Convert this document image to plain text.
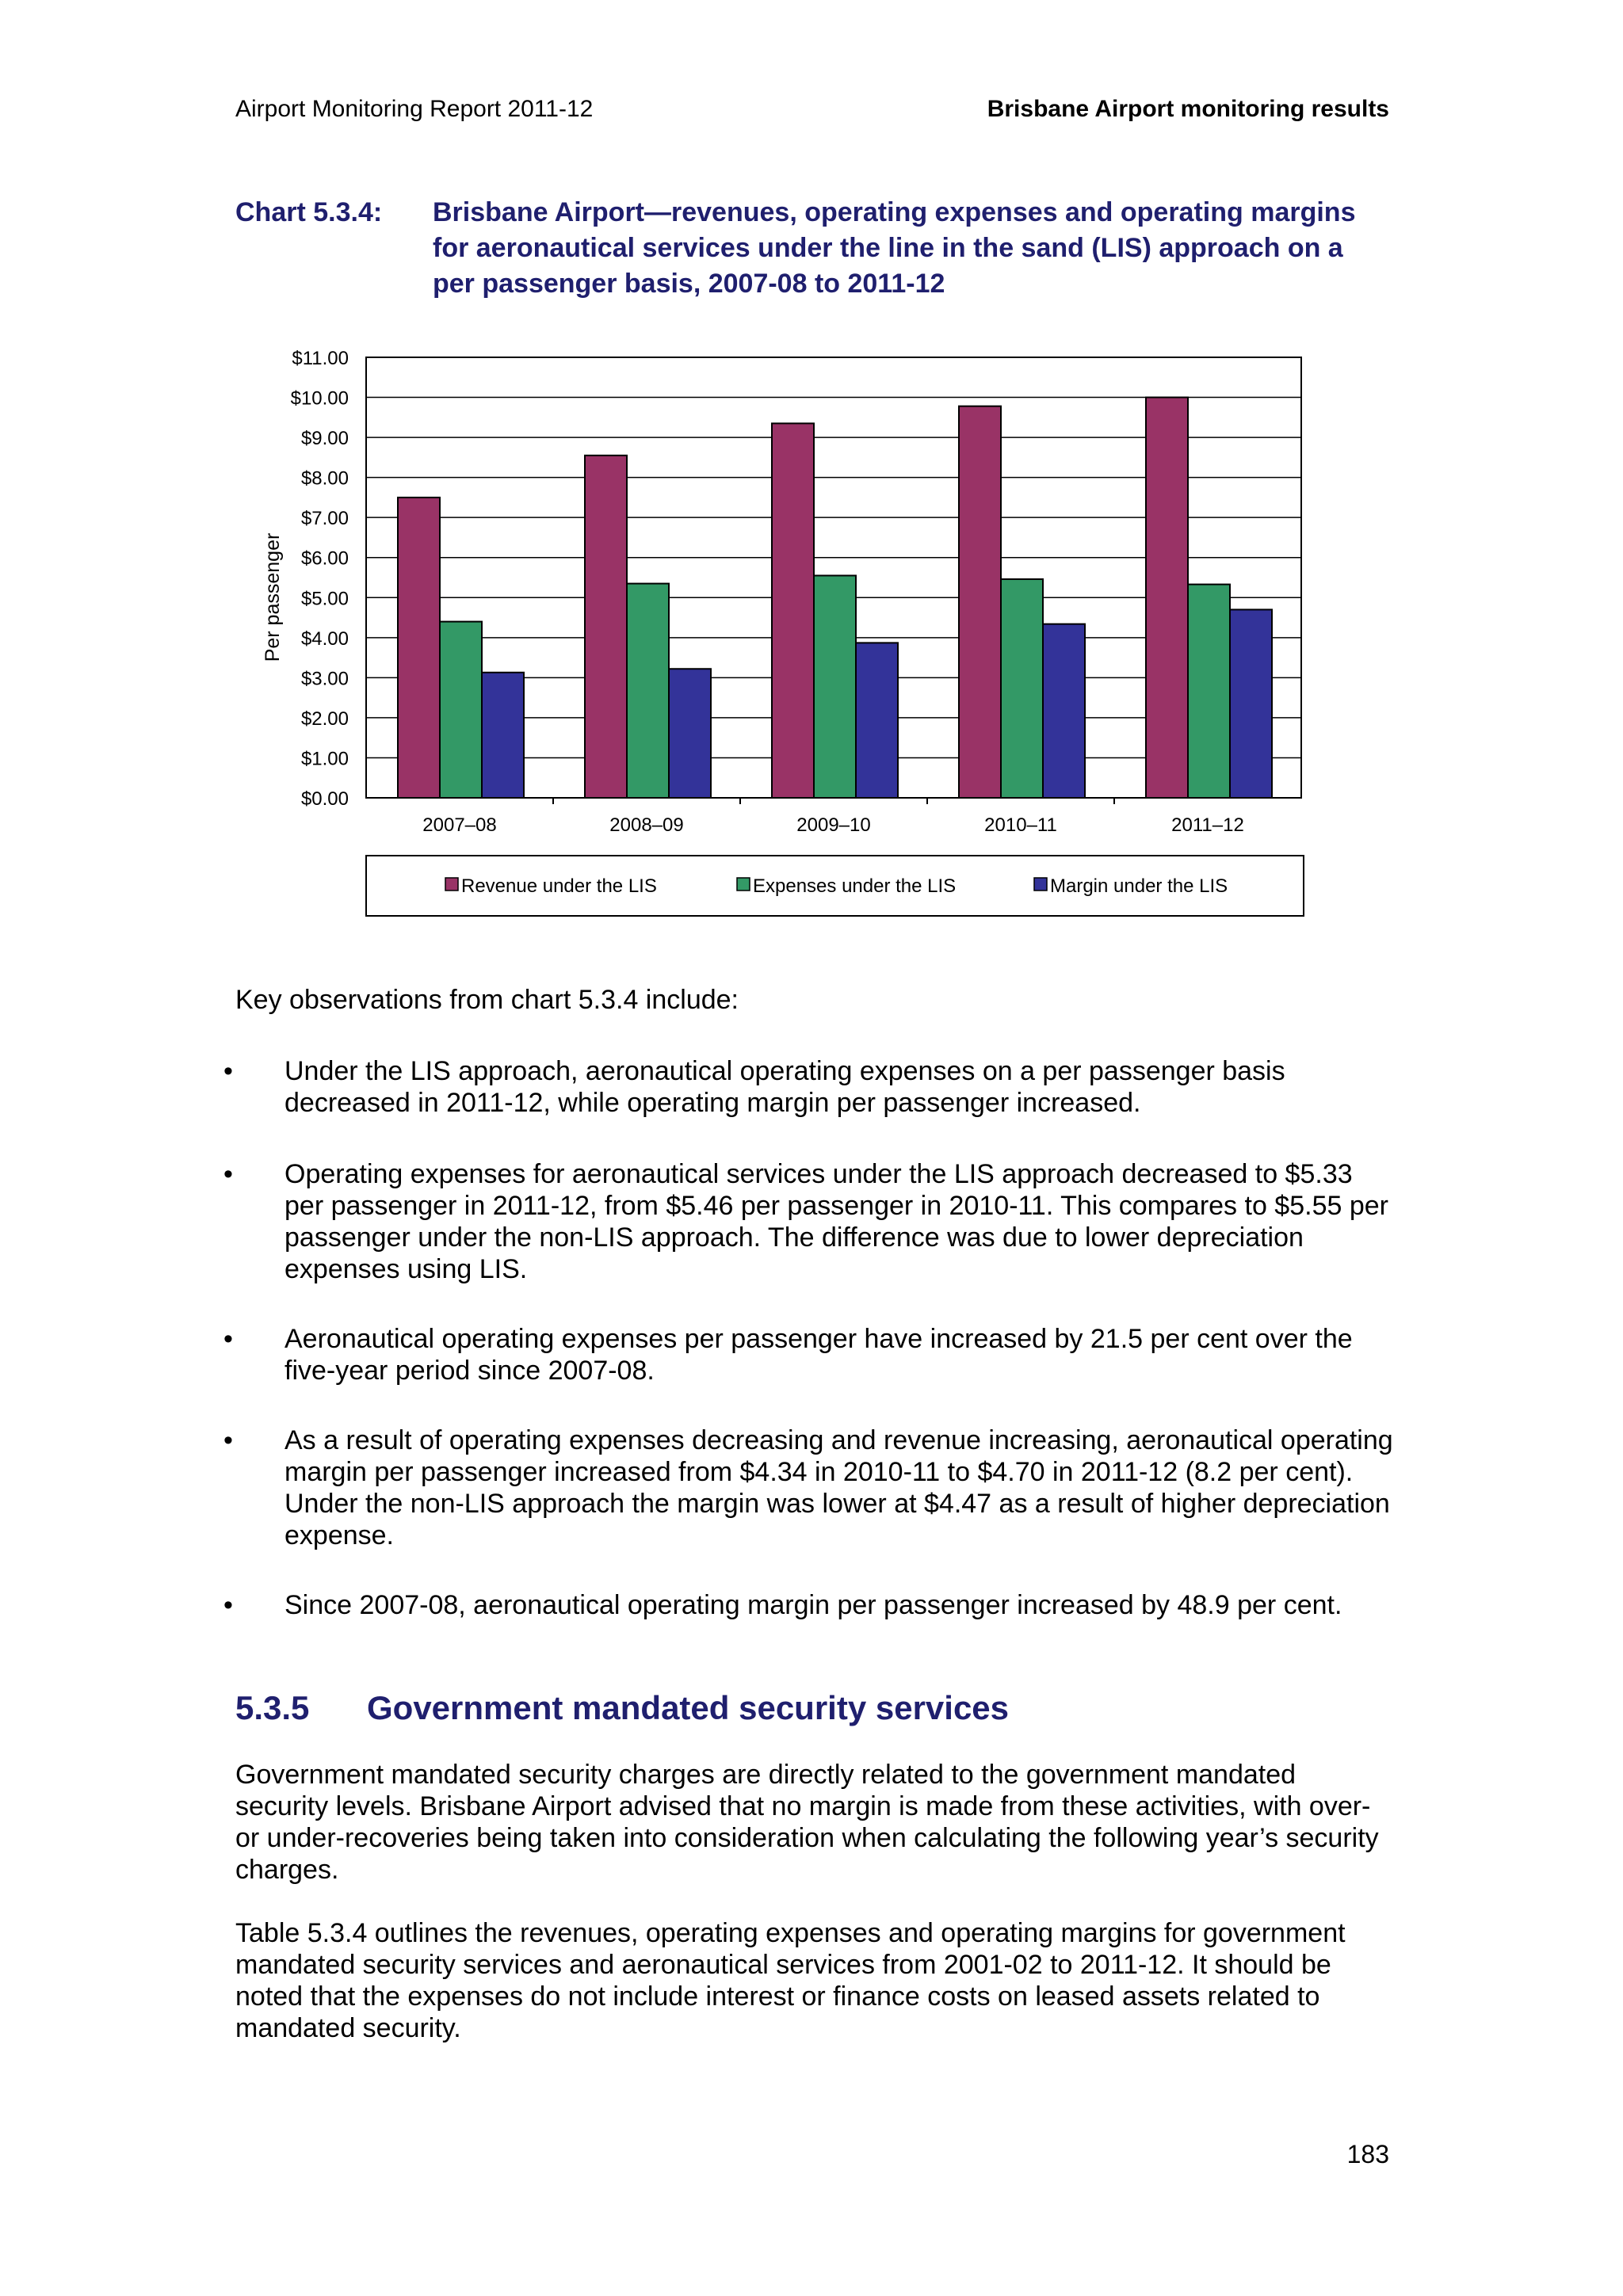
Airport Monitoring Report 2011-12	Brisbane Airport monitoring results
Chart 5.3.4:	Brisbane Airport—revenues, operating expenses and operating margins for aeronautical services under the line in the sand (LIS) approach on a per passenger basis, 2007-08 to 2011-12
$0.00
$1.00
$2.00
$3.00
$4.00
$5.00
$6.00
$7.00
$8.00
$9.00
$10.00
$11.00
Per passenger
2007–08	2008–09	2009–10	2010–11	2011–12
Revenue under the LIS	Expenses under the LIS	Margin under the LIS
Key observations from chart 5.3.4 include:
• Under the LIS approach, aeronautical operating expenses on a per passenger basis decreased in 2011-12, while operating margin per passenger increased.
• Operating expenses for aeronautical services under the LIS approach decreased to $5.33 per passenger in 2011-12, from $5.46 per passenger in 2010-11. This compares to $5.55 per passenger under the non-LIS approach. The difference was due to lower depreciation expenses using LIS.
• Aeronautical operating expenses per passenger have increased by 21.5 per cent over the five-year period since 2007-08.
• As a result of operating expenses decreasing and revenue increasing, aeronautical operating margin per passenger increased from $4.34 in 2010-11 to $4.70 in 2011-12 (8.2 per cent). Under the non-LIS approach the margin was lower at $4.47 as a result of higher depreciation expense.
• Since 2007-08, aeronautical operating margin per passenger increased by 48.9 per cent.
5.3.5 Government mandated security services
Government mandated security charges are directly related to the government mandated security levels. Brisbane Airport advised that no margin is made from these activities, with over- or under-recoveries being taken into consideration when calculating the following year’s security charges.
Table 5.3.4 outlines the revenues, operating expenses and operating margins for government mandated security services and aeronautical services from 2001-02 to 2011-12. It should be noted that the expenses do not include interest or finance costs on leased assets related to mandated security.
183
